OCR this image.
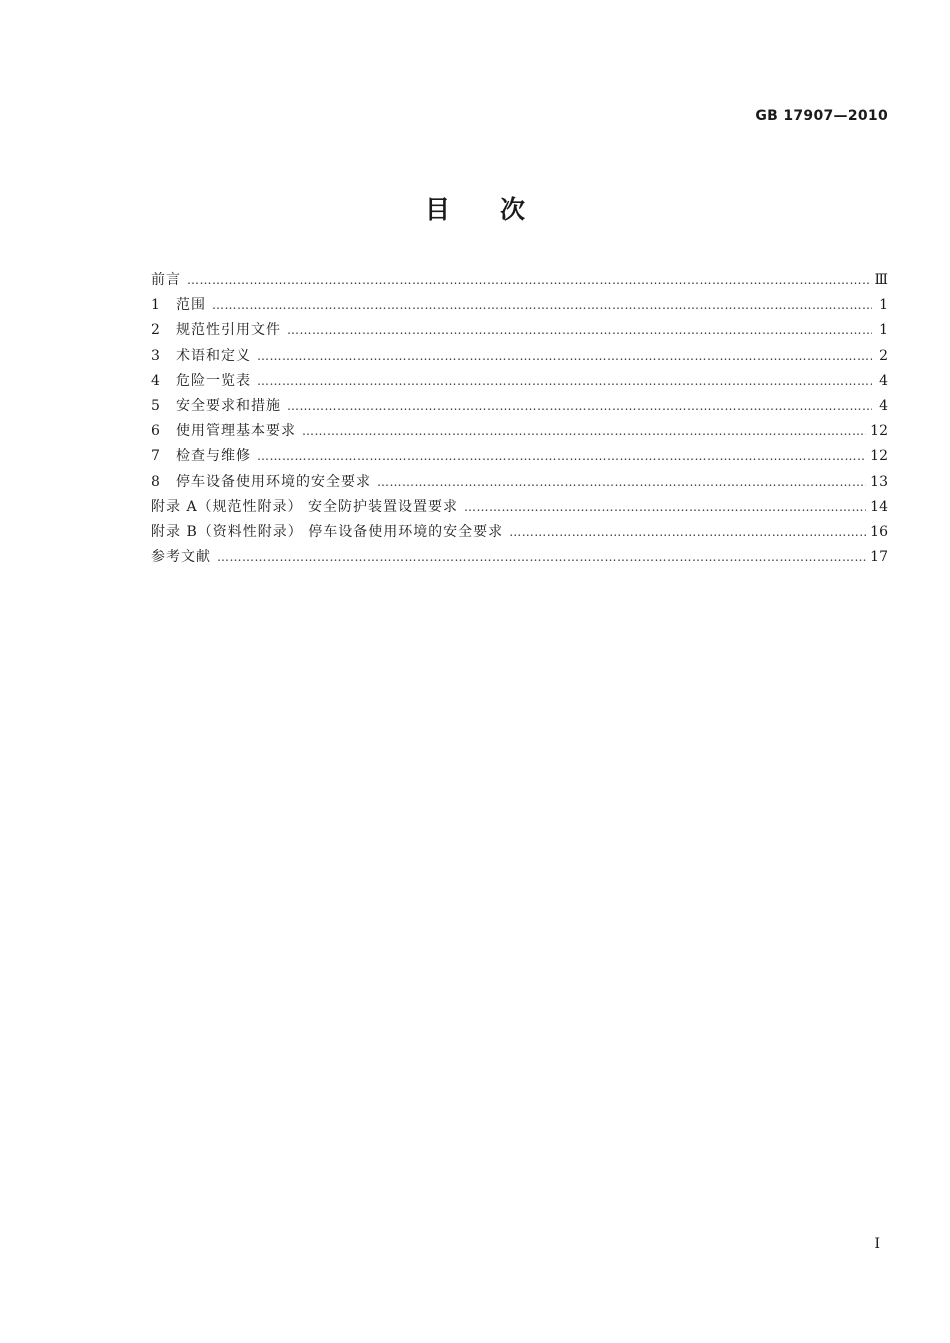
GB 17907—2010
目次
前言 ………………………………………………………………………………………………………………………………………………………………………………………………………………………………	Ⅲ
1	范围 ………………………………………………………………………………………………………………………………………………………………………………………………………………………………	1
2	规范性引用文件 ………………………………………………………………………………………………………………………………………………………………………………………………………………………………	1
3	术语和定义 ………………………………………………………………………………………………………………………………………………………………………………………………………………………………	2
4	危险一览表 ………………………………………………………………………………………………………………………………………………………………………………………………………………………………	4
5	安全要求和措施 ………………………………………………………………………………………………………………………………………………………………………………………………………………………………	4
6	使用管理基本要求 ………………………………………………………………………………………………………………………………………………………………………………………………………………………………	12
7	检查与维修 ………………………………………………………………………………………………………………………………………………………………………………………………………………………………	12
8	停车设备使用环境的安全要求 ………………………………………………………………………………………………………………………………………………………………………………………………………………………………	13
附录 A（规范性附录） 安全防护装置设置要求 ………………………………………………………………………………………………………………………………………………………………………………………………………………………………	14
附录 B（资料性附录） 停车设备使用环境的安全要求 ………………………………………………………………………………………………………………………………………………………………………………………………………………………………	16
参考文献 ………………………………………………………………………………………………………………………………………………………………………………………………………………………………	17
I
